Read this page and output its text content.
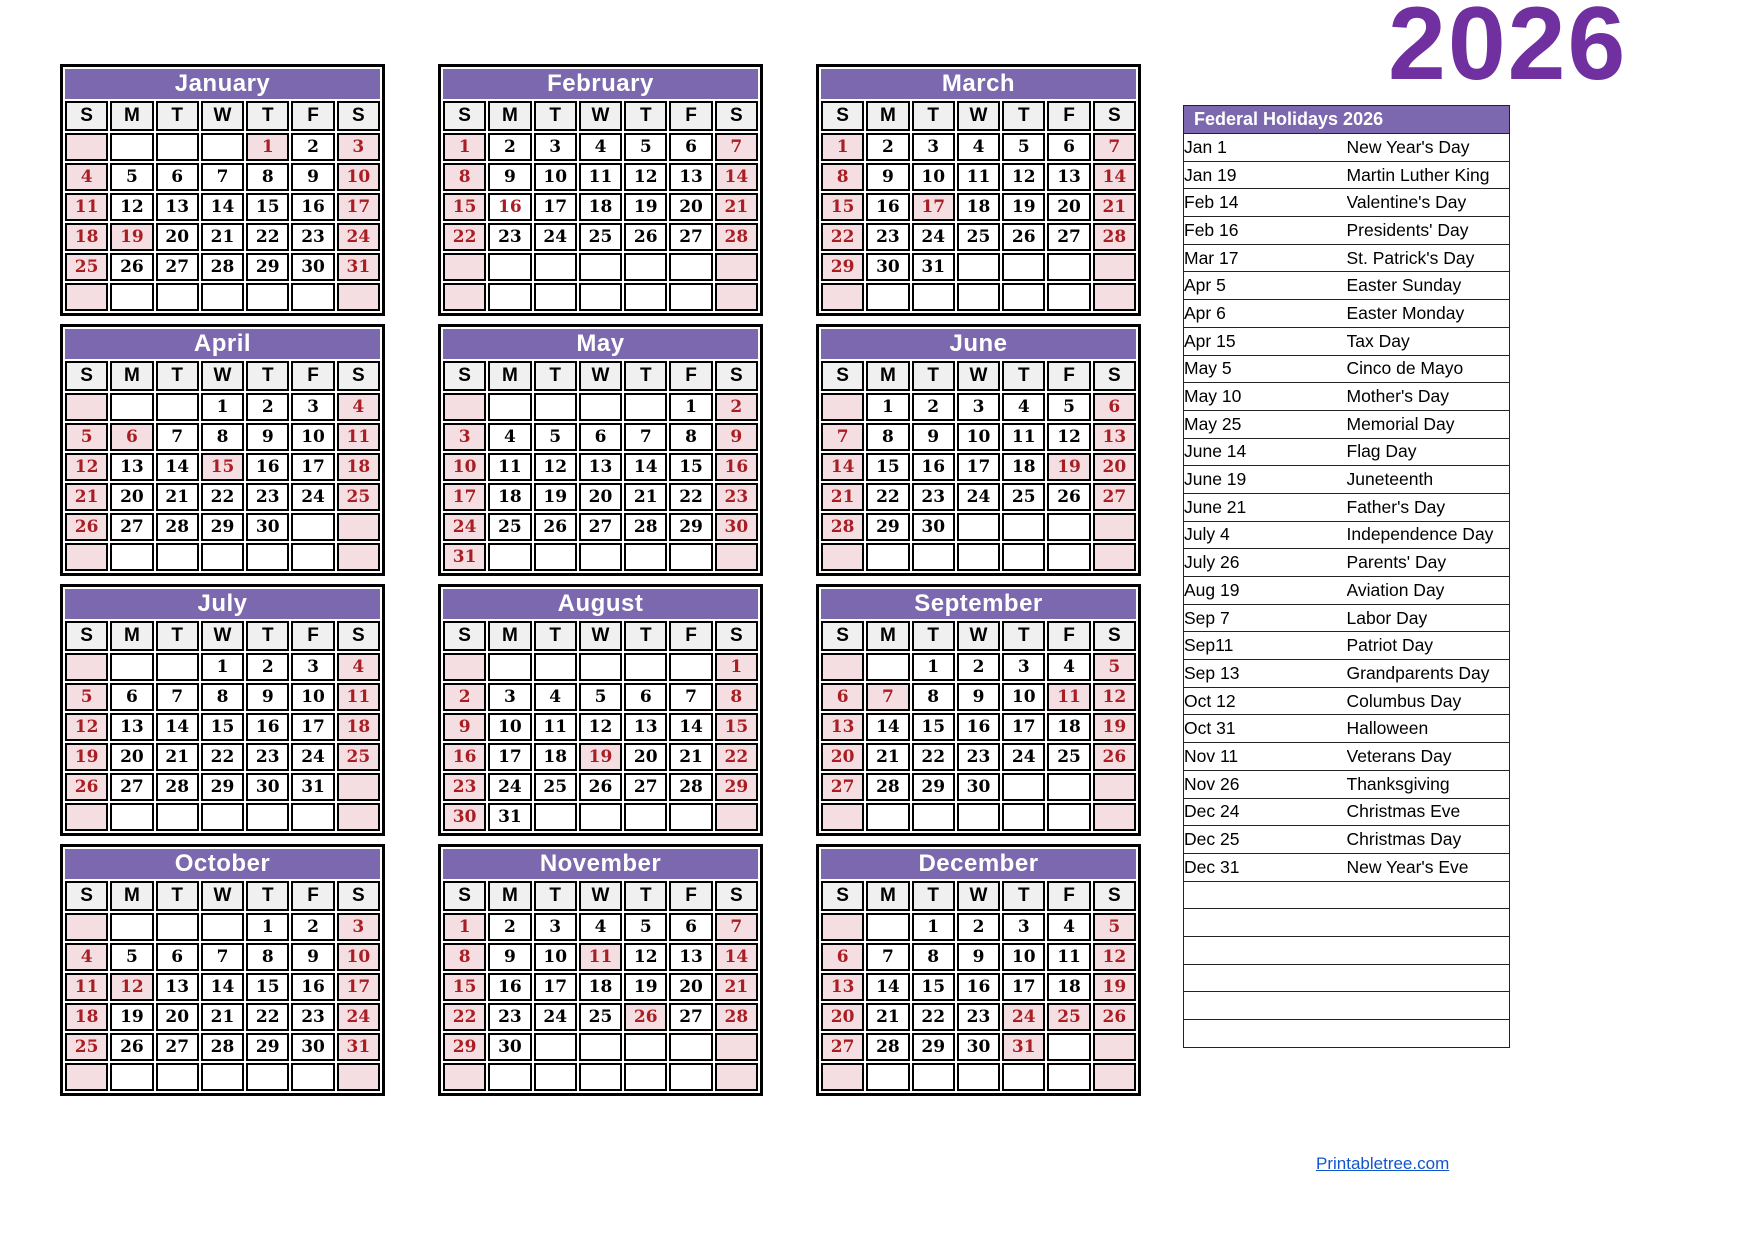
2026
January						
S	M	T	W	T	F	S
				1	2	3
4	5	6	7	8	9	10
11	12	13	14	15	16	17
18	19	20	21	22	23	24
25	26	27	28	29	30	31

February						
S	M	T	W	T	F	S
1	2	3	4	5	6	7
8	9	10	11	12	13	14
15	16	17	18	19	20	21
22	23	24	25	26	27	28

March						
S	M	T	W	T	F	S
1	2	3	4	5	6	7
8	9	10	11	12	13	14
15	16	17	18	19	20	21
22	23	24	25	26	27	28
29	30	31				

April						
S	M	T	W	T	F	S
			1	2	3	4
5	6	7	8	9	10	11
12	13	14	15	16	17	18
21	20	21	22	23	24	25
26	27	28	29	30		

May						
S	M	T	W	T	F	S
					1	2
3	4	5	6	7	8	9
10	11	12	13	14	15	16
17	18	19	20	21	22	23
24	25	26	27	28	29	30
31						
June						
S	M	T	W	T	F	S
	1	2	3	4	5	6
7	8	9	10	11	12	13
14	15	16	17	18	19	20
21	22	23	24	25	26	27
28	29	30				

July						
S	M	T	W	T	F	S
			1	2	3	4
5	6	7	8	9	10	11
12	13	14	15	16	17	18
19	20	21	22	23	24	25
26	27	28	29	30	31	

August						
S	M	T	W	T	F	S
						1
2	3	4	5	6	7	8
9	10	11	12	13	14	15
16	17	18	19	20	21	22
23	24	25	26	27	28	29
30	31					
September						
S	M	T	W	T	F	S
		1	2	3	4	5
6	7	8	9	10	11	12
13	14	15	16	17	18	19
20	21	22	23	24	25	26
27	28	29	30			

October						
S	M	T	W	T	F	S
				1	2	3
4	5	6	7	8	9	10
11	12	13	14	15	16	17
18	19	20	21	22	23	24
25	26	27	28	29	30	31

November						
S	M	T	W	T	F	S
1	2	3	4	5	6	7
8	9	10	11	12	13	14
15	16	17	18	19	20	21
22	23	24	25	26	27	28
29	30					

December						
S	M	T	W	T	F	S
		1	2	3	4	5
6	7	8	9	10	11	12
13	14	15	16	17	18	19
20	21	22	23	24	25	26
27	28	29	30	31		

Federal Holidays 2026	
Jan 1	New Year's Day
Jan 19	Martin Luther King
Feb 14	Valentine's Day
Feb 16	Presidents' Day
Mar 17	St. Patrick's Day
Apr 5	Easter Sunday
Apr 6	Easter Monday
Apr 15	Tax Day
May 5	Cinco de Mayo
May 10	Mother's Day
May 25	Memorial Day
June 14	Flag Day
June 19	Juneteenth
June 21	Father's Day
July 4	Independence Day
July 26	Parents' Day
Aug 19	Aviation Day
Sep 7	Labor Day
Sep11	Patriot Day
Sep 13	Grandparents Day
Oct 12	Columbus Day
Oct 31	Halloween
Nov 11	Veterans Day
Nov 26	Thanksgiving
Dec 24	Christmas Eve
Dec 25	Christmas Day
Dec 31	New Year's Eve

Printabletree.com
